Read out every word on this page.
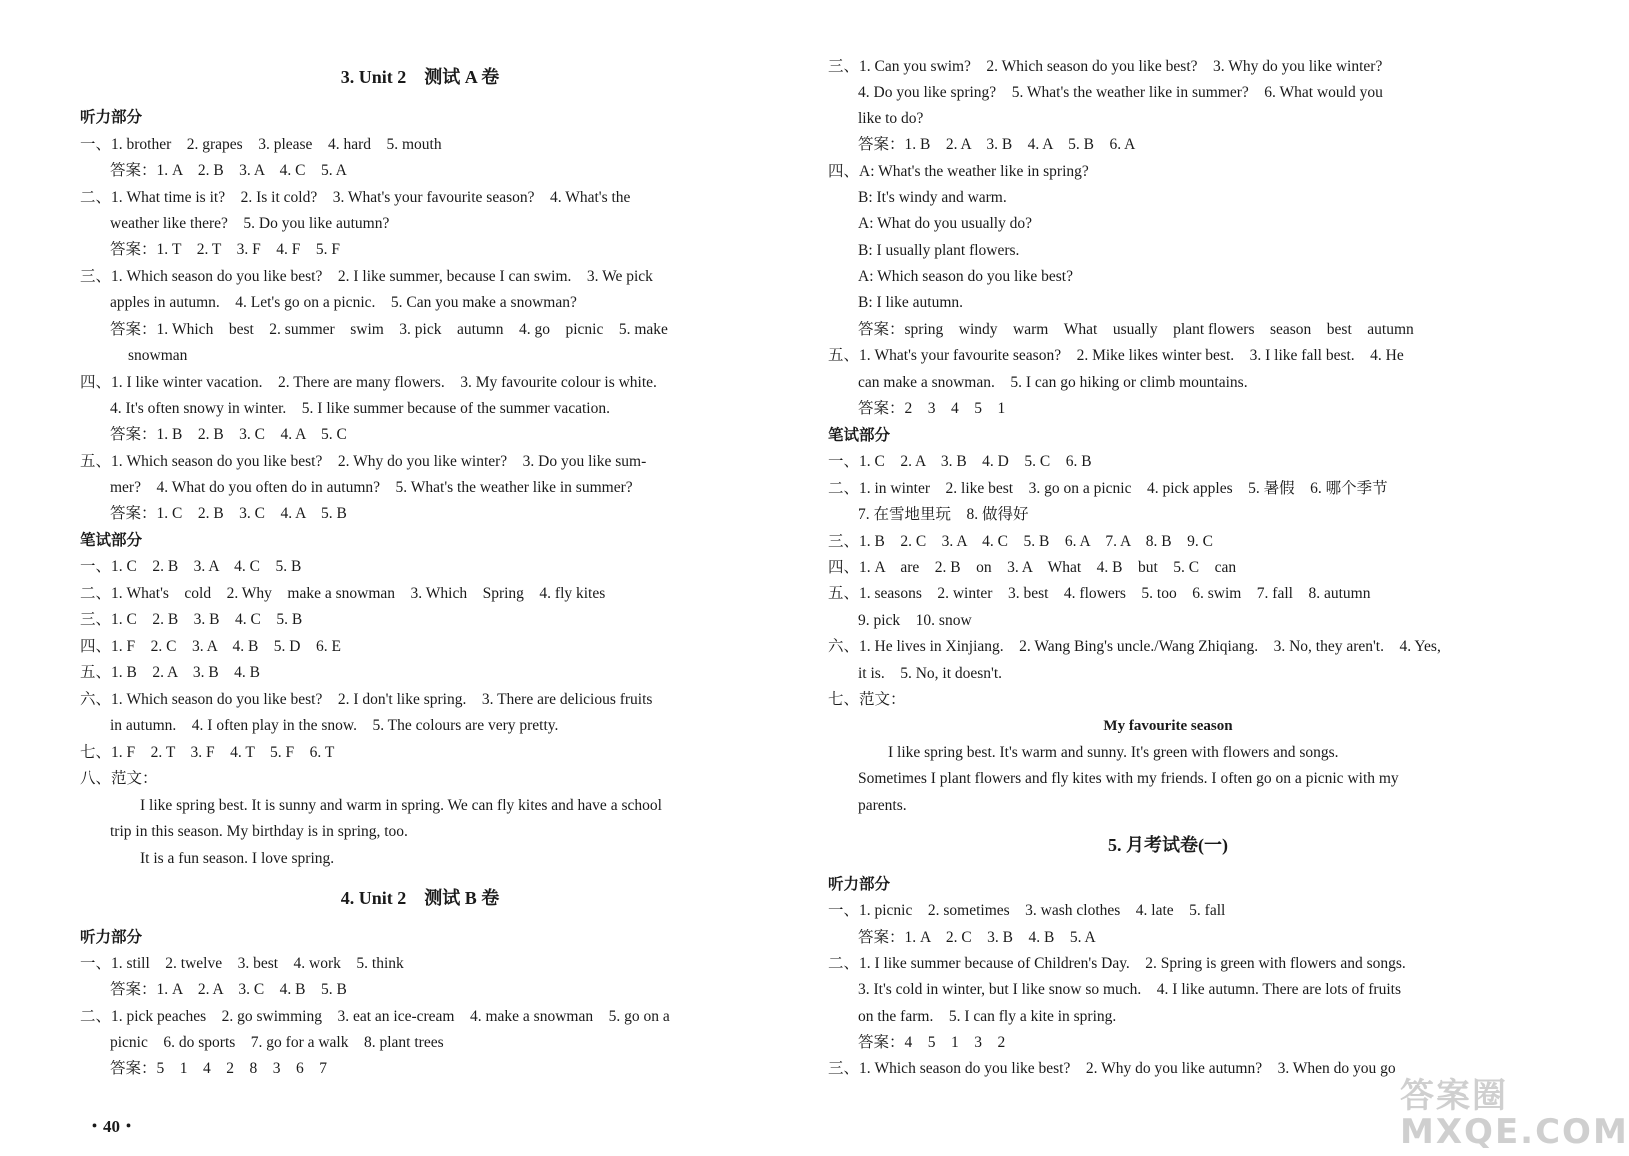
3. Unit 2　测试 A 卷
听力部分
一、1. brother　2. grapes　3. please　4. hard　5. mouth
答案：1. A　2. B　3. A　4. C　5. A
二、1. What time is it?　2. Is it cold?　3. What's your favourite season?　4. What's the
weather like there?　5. Do you like autumn?
答案：1. T　2. T　3. F　4. F　5. F
三、1. Which season do you like best?　2. I like summer, because I can swim.　3. We pick
apples in autumn.　4. Let's go on a picnic.　5. Can you make a snowman?
答案：1. Which　best　2. summer　swim　3. pick　autumn　4. go　picnic　5. make
snowman
四、1. I like winter vacation.　2. There are many flowers.　3. My favourite colour is white.
4. It's often snowy in winter.　5. I like summer because of the summer vacation.
答案：1. B　2. B　3. C　4. A　5. C
五、1. Which season do you like best?　2. Why do you like winter?　3. Do you like sum-
mer?　4. What do you often do in autumn?　5. What's the weather like in summer?
答案：1. C　2. B　3. C　4. A　5. B
笔试部分
一、1. C　2. B　3. A　4. C　5. B
二、1. What's　cold　2. Why　make a snowman　3. Which　Spring　4. fly kites
三、1. C　2. B　3. B　4. C　5. B
四、1. F　2. C　3. A　4. B　5. D　6. E
五、1. B　2. A　3. B　4. B
六、1. Which season do you like best?　2. I don't like spring.　3. There are delicious fruits
in autumn.　4. I often play in the snow.　5. The colours are very pretty.
七、1. F　2. T　3. F　4. T　5. F　6. T
八、范文：
I like spring best. It is sunny and warm in spring. We can fly kites and have a school
trip in this season. My birthday is in spring, too.
It is a fun season. I love spring.
4. Unit 2　测试 B 卷
听力部分
一、1. still　2. twelve　3. best　4. work　5. think
答案：1. A　2. A　3. C　4. B　5. B
二、1. pick peaches　2. go swimming　3. eat an ice-cream　4. make a snowman　5. go on a
picnic　6. do sports　7. go for a walk　8. plant trees
答案：5　1　4　2　8　3　6　7
三、1. Can you swim?　2. Which season do you like best?　3. Why do you like winter?
4. Do you like spring?　5. What's the weather like in summer?　6. What would you
like to do?
答案：1. B　2. A　3. B　4. A　5. B　6. A
四、A: What's the weather like in spring?
B: It's windy and warm.
A: What do you usually do?
B: I usually plant flowers.
A: Which season do you like best?
B: I like autumn.
答案：spring　windy　warm　What　usually　plant flowers　season　best　autumn
五、1. What's your favourite season?　2. Mike likes winter best.　3. I like fall best.　4. He
can make a snowman.　5. I can go hiking or climb mountains.
答案：2　3　4　5　1
笔试部分
一、1. C　2. A　3. B　4. D　5. C　6. B
二、1. in winter　2. like best　3. go on a picnic　4. pick apples　5. 暑假　6. 哪个季节
7. 在雪地里玩　8. 做得好
三、1. B　2. C　3. A　4. C　5. B　6. A　7. A　8. B　9. C
四、1. A　are　2. B　on　3. A　What　4. B　but　5. C　can
五、1. seasons　2. winter　3. best　4. flowers　5. too　6. swim　7. fall　8. autumn
9. pick　10. snow
六、1. He lives in Xinjiang.　2. Wang Bing's uncle./Wang Zhiqiang.　3. No, they aren't.　4. Yes,
it is.　5. No, it doesn't.
七、范文：
My favourite season
I like spring best. It's warm and sunny. It's green with flowers and songs.
Sometimes I plant flowers and fly kites with my friends. I often go on a picnic with my
parents.
5. 月考试卷(一)
听力部分
一、1. picnic　2. sometimes　3. wash clothes　4. late　5. fall
答案：1. A　2. C　3. B　4. B　5. A
二、1. I like summer because of Children's Day.　2. Spring is green with flowers and songs.
3. It's cold in winter, but I like snow so much.　4. I like autumn. There are lots of fruits
on the farm.　5. I can fly a kite in spring.
答案：4　5　1　3　2
三、1. Which season do you like best?　2. Why do you like autumn?　3. When do you go
・40・
答案圈 MXQE.COM
